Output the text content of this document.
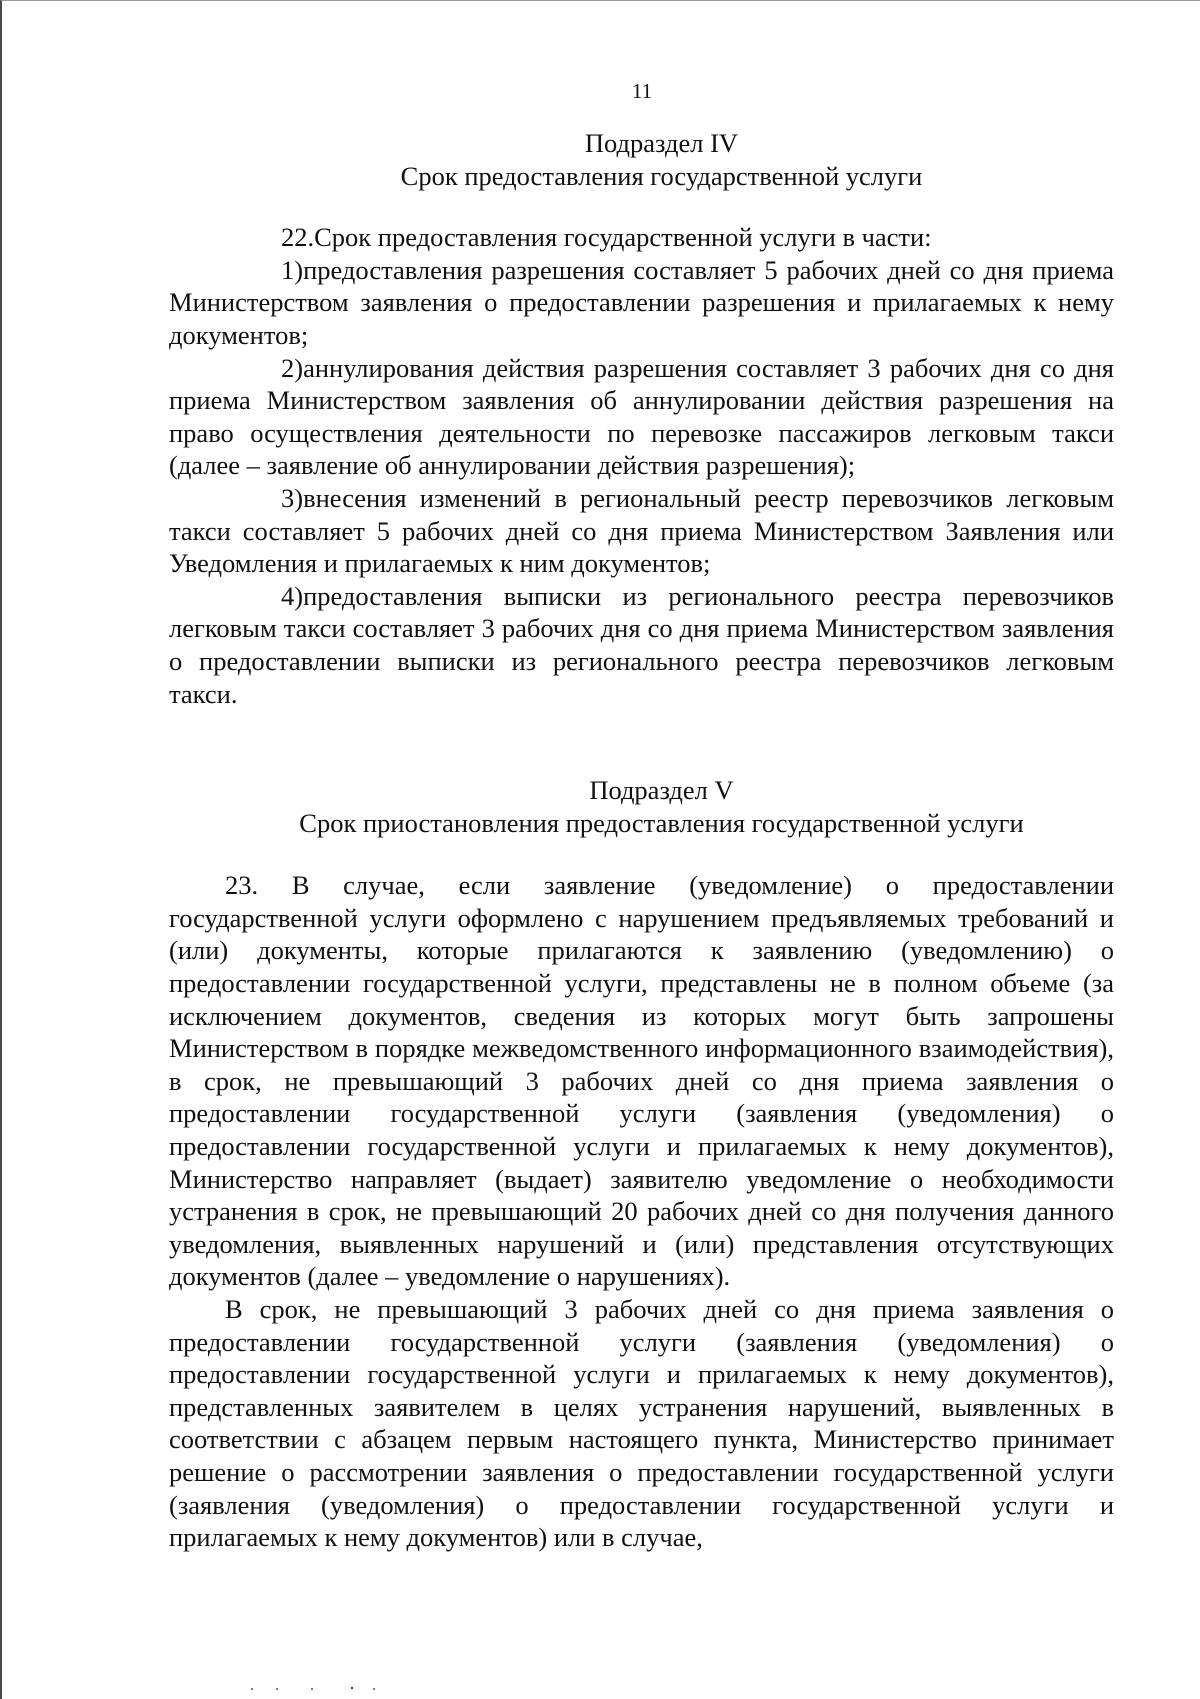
11
Подраздел IV
Срок предоставления государственной услуги

22.Срок предоставления государственной услуги в части:

1)предоставления разрешения составляет 5 рабочих дней со дня приема Министерством заявления о предоставлении разрешения и прилагаемых к нему документов;

2)аннулирования действия разрешения составляет 3 рабочих дня со дня приема Министерством заявления об аннулировании действия разрешения на право осуществления деятельности по перевозке пассажиров легковым такси (далее – заявление об аннулировании действия разрешения);

3)внесения изменений в региональный реестр перевозчиков легковым такси составляет 5 рабочих дней со дня приема Министерством Заявления или Уведомления и прилагаемых к ним документов;

4)предоставления выписки из регионального реестра перевозчиков легковым такси составляет 3 рабочих дня со дня приема Министерством заявления о предоставлении выписки из регионального реестра перевозчиков легковым такси.

Подраздел V
Срок приостановления предоставления государственной услуги

23. В случае, если заявление (уведомление) о предоставлении государственной услуги оформлено с нарушением предъявляемых требований и (или) документы, которые прилагаются к заявлению (уведомлению) о предоставлении государственной услуги, представлены не в полном объеме (за исключением документов, сведения из которых могут быть запрошены Министерством в порядке межведомственного информационного взаимодействия), в срок, не превышающий 3 рабочих дней со дня приема заявления о предоставлении государственной услуги (заявления (уведомления) о предоставлении государственной услуги и прилагаемых к нему документов), Министерство направляет (выдает) заявителю уведомление о необходимости устранения в срок, не превышающий 20 рабочих дней со дня получения данного уведомления, выявленных нарушений и (или) представления отсутствующих документов (далее – уведомление о нарушениях).

В срок, не превышающий 3 рабочих дней со дня приема заявления о предоставлении государственной услуги (заявления (уведомления) о предоставлении государственной услуги и прилагаемых к нему документов), представленных заявителем в целях устранения нарушений, выявленных в соответствии с абзацем первым настоящего пункта, Министерство принимает решение о рассмотрении заявления о предоставлении государственной услуги (заявления (уведомления) о предоставлении государственной услуги и прилагаемых к нему документов) или в случае,
